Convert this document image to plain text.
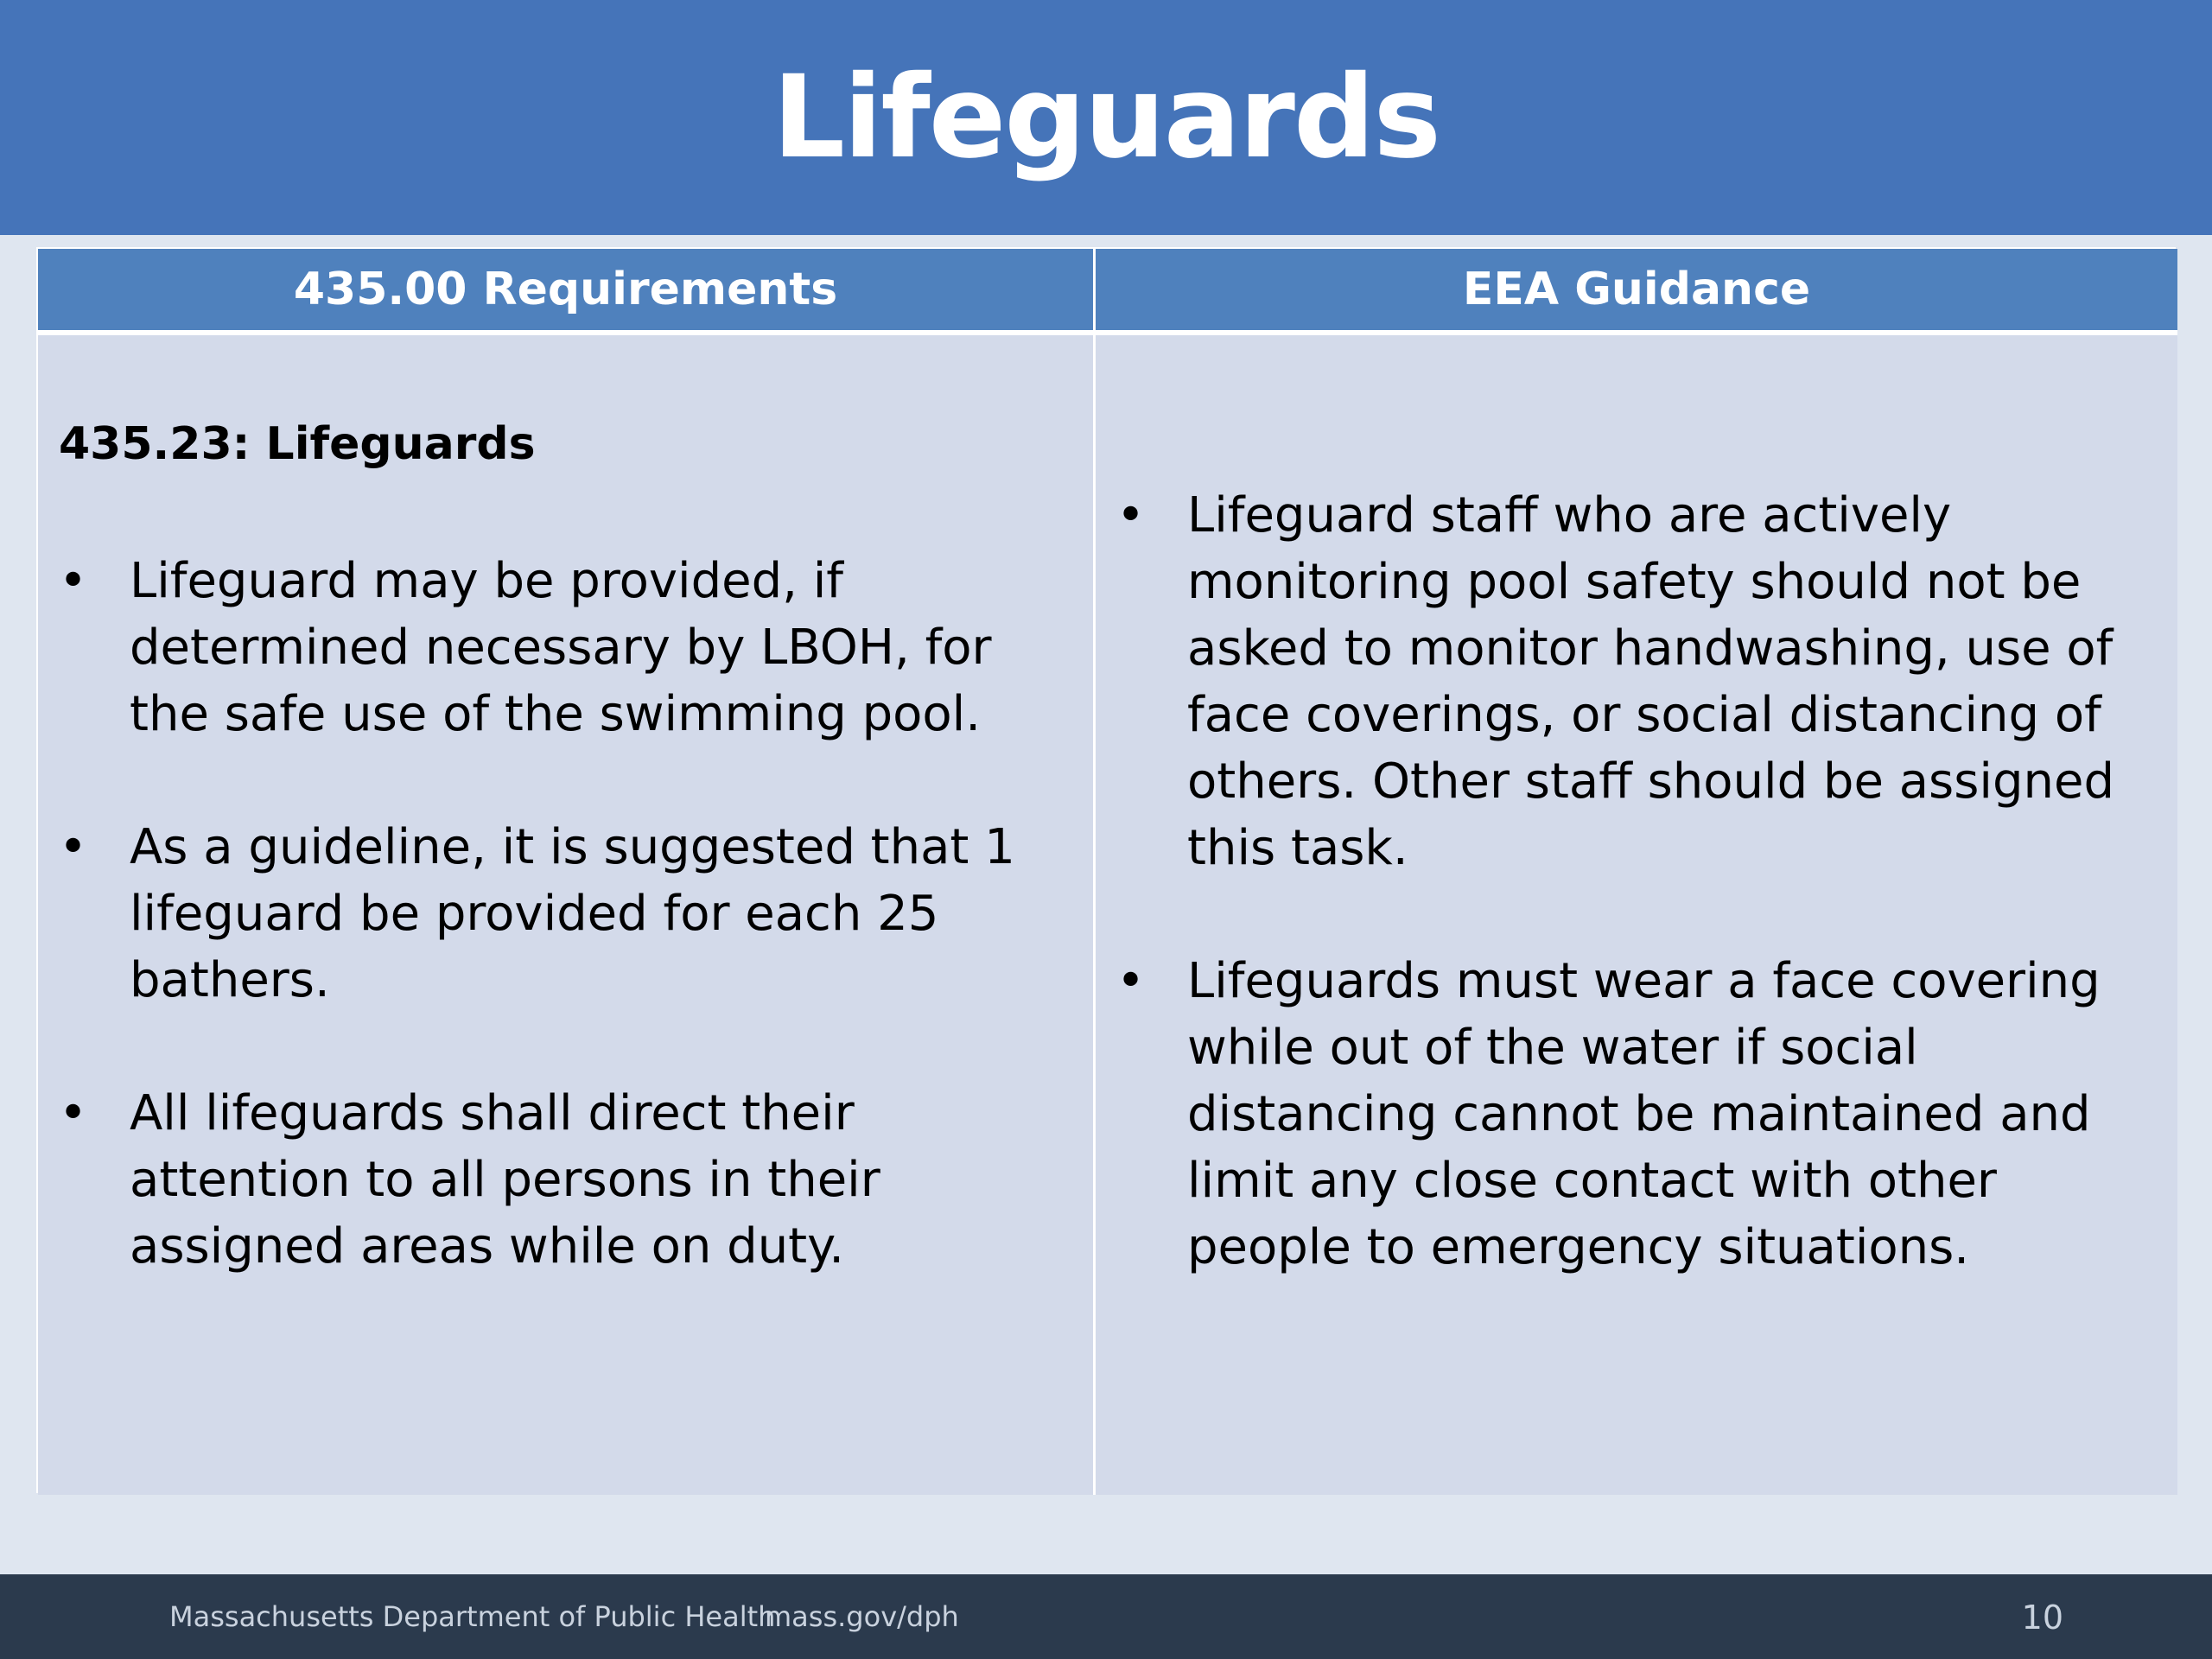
Lifeguards
435.00 Requirements	EEA Guidance

435.23: Lifeguards

• Lifeguard may be provided, if determined necessary by LBOH, for the safe use of the swimming pool.
• As a guideline, it is suggested that 1 lifeguard be provided for each 25 bathers.
• All lifeguards shall direct their attention to all persons in their assigned areas while on duty.
• Lifeguard staff who are actively monitoring pool safety should not be asked to monitor handwashing, use of face coverings, or social distancing of others. Other staff should be assigned this task.
• Lifeguards must wear a face covering while out of the water if social distancing cannot be maintained and limit any close contact with other people to emergency situations.
Massachusetts Department of Public Health
mass.gov/dph	10
